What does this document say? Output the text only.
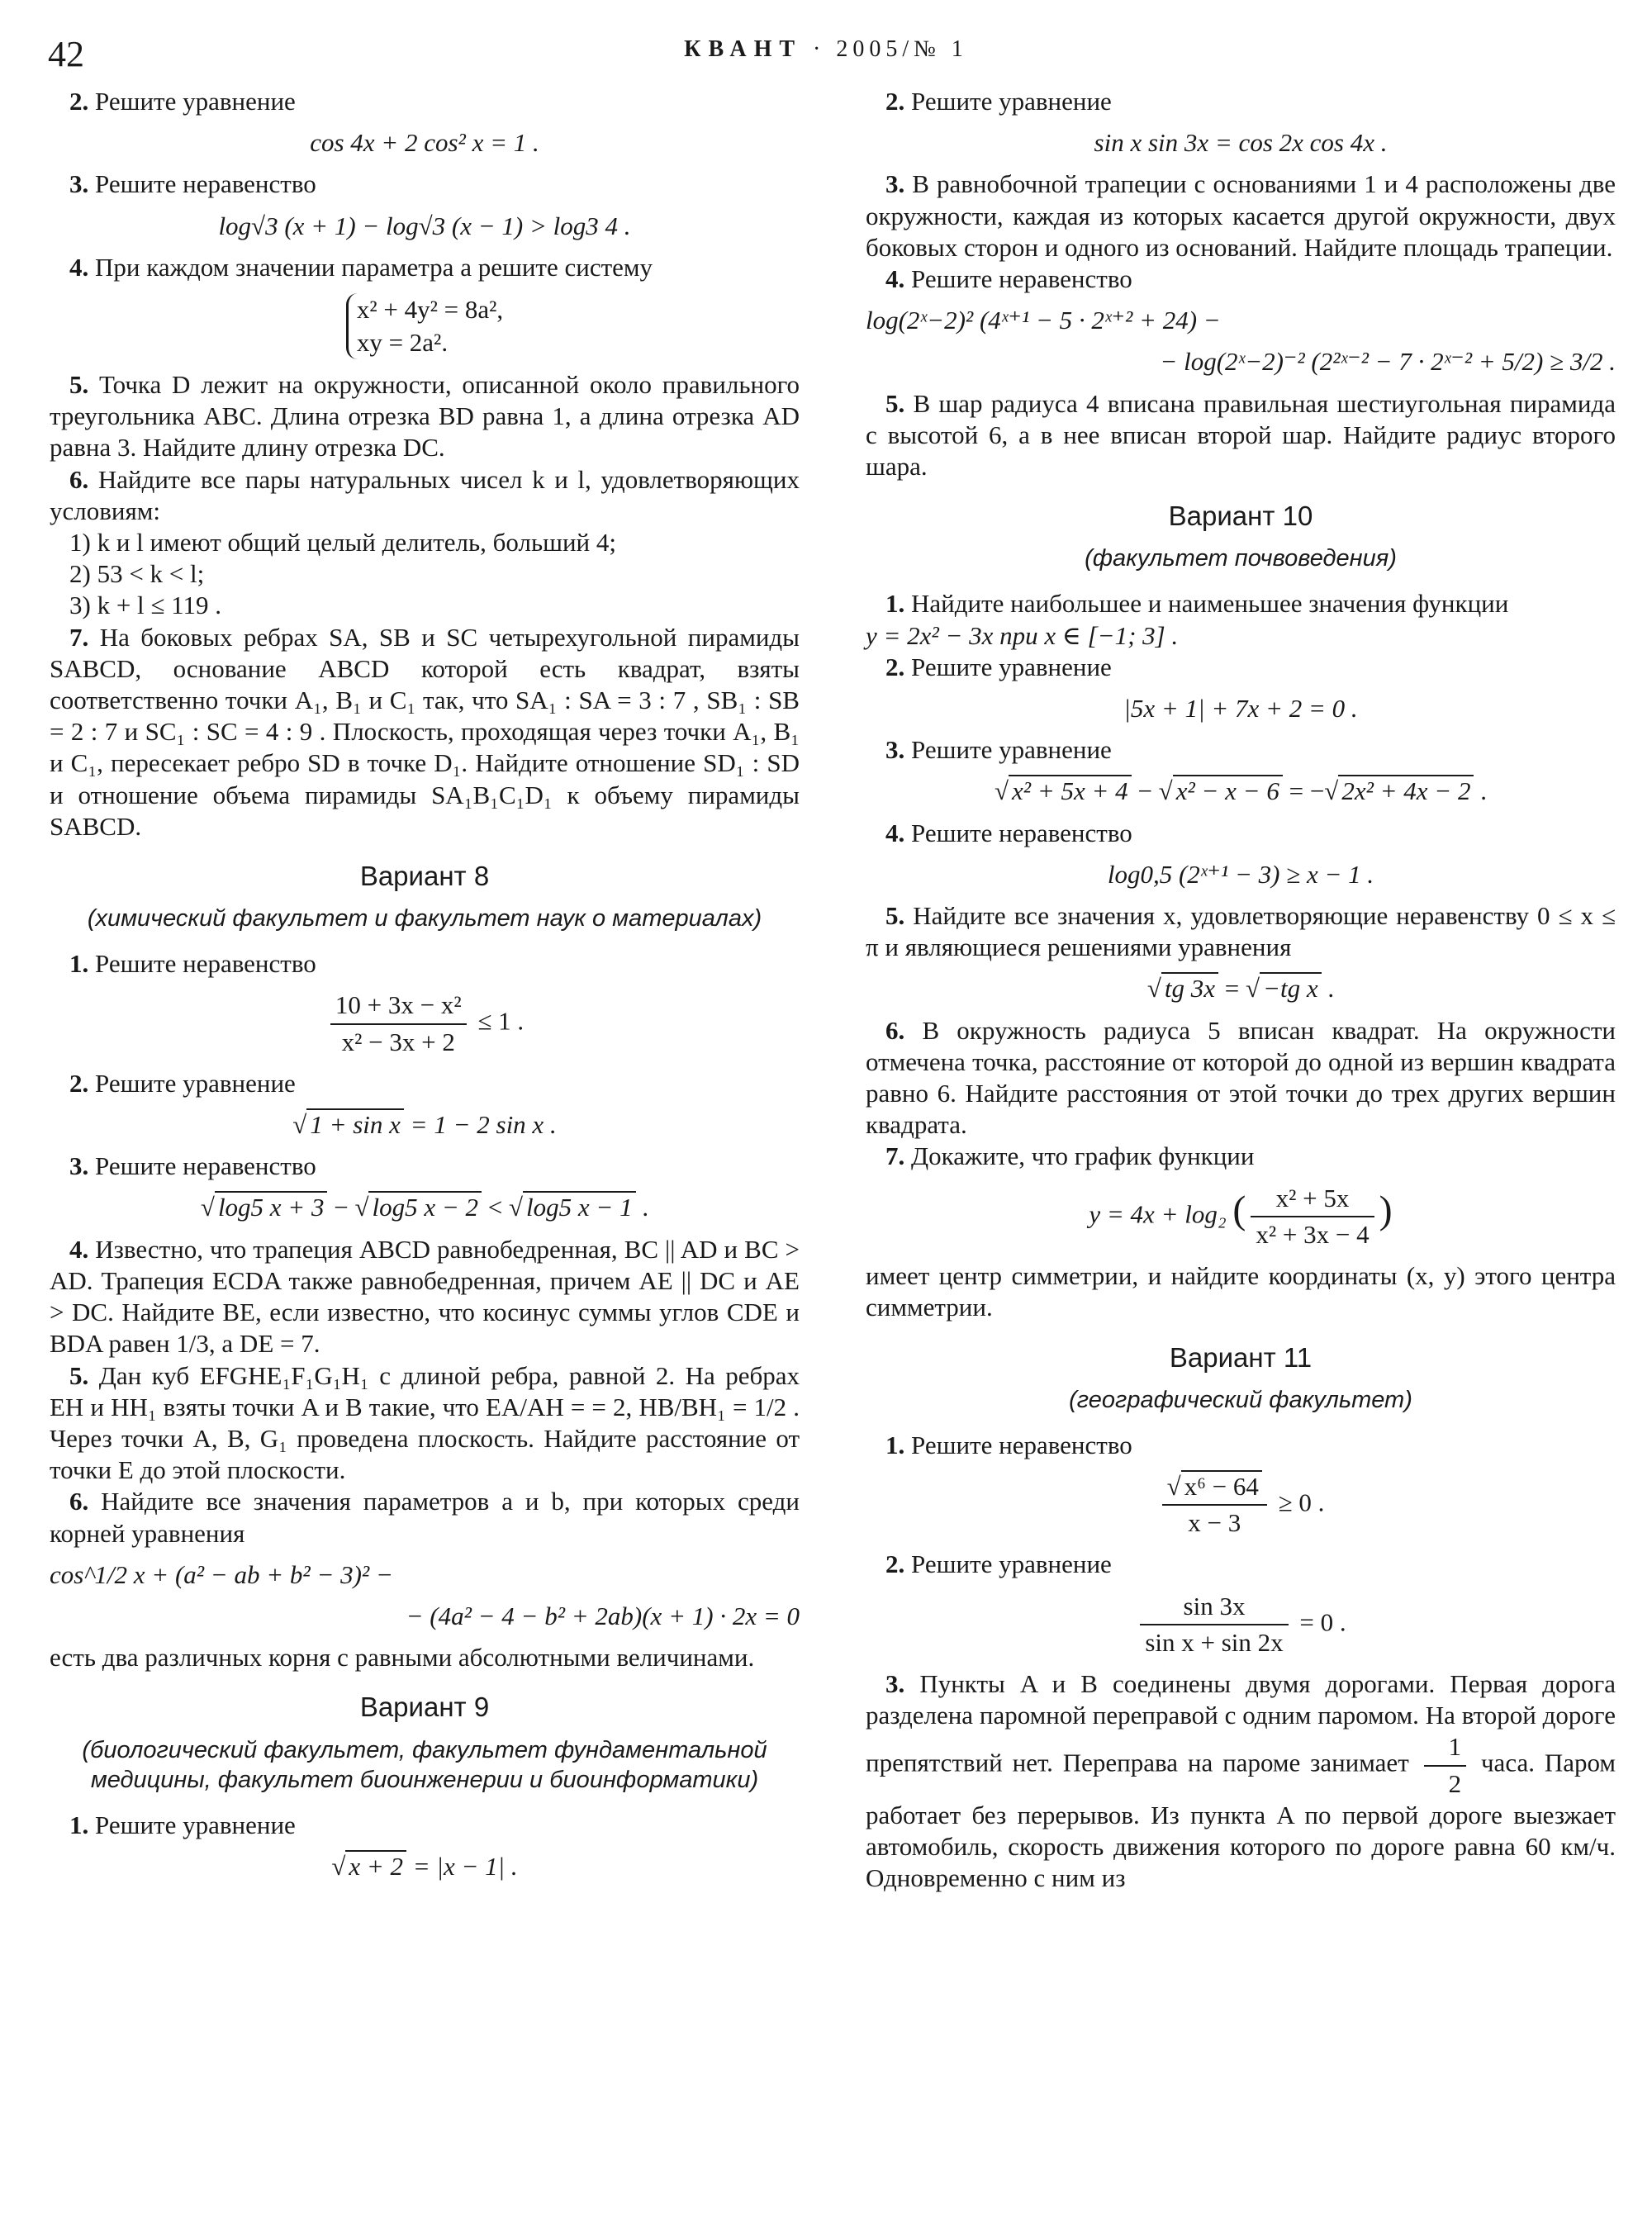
42	КВАНТ · 2005/№ 1

2. Решите уравнение

cos 4x + 2 cos² x = 1 .

3. Решите неравенство

log√3 (x + 1) − log√3 (x − 1) > log3 4 .

4. При каждом значении параметра a решите систему

x² + 4y² = 8a²,
xy = 2a².

5. Точка D лежит на окружности, описанной около правильного треугольника ABC. Длина отрезка BD равна 1, а длина отрезка AD равна 3. Найдите длину отрезка DC.

6. Найдите все пары натуральных чисел k и l, удовлетворяющих условиям:

1) k и l имеют общий целый делитель, больший 4;

2) 53 < k < l;

3) k + l ≤ 119 .

7. На боковых ребрах SA, SB и SC четырехугольной пирамиды SABCD, основание ABCD которой есть квадрат, взяты соответственно точки A₁, B₁ и C₁ так, что SA₁ : SA = 3 : 7 , SB₁ : SB = 2 : 7 и SC₁ : SC = 4 : 9 . Плоскость, проходящая через точки A₁, B₁ и C₁, пересекает ребро SD в точке D₁. Найдите отношение SD₁ : SD и отношение объема пирамиды SA₁B₁C₁D₁ к объему пирамиды SABCD.

Вариант 8
(химический факультет и факультет наук о материалах)

1. Решите неравенство

$\frac{\text{10 + 3x − x²}}{\text{x² − 3x + 2}} \le 1$ .

2. Решите уравнение

√ 1 + sin x = 1 − 2 sin x .

3. Решите неравенство

√ log5 x + 3 − √ log5 x − 2 < √ log5 x − 1 .

4. Известно, что трапеция ABCD равнобедренная, BC || AD и BC > AD. Трапеция ECDA также равнобедренная, причем AE || DC и AE > DC. Найдите BE, если известно, что косинус суммы углов CDE и BDA равен 1/3, а DE = 7.

5. Дан куб EFGHE₁F₁G₁H₁ с длиной ребра, равной 2. На ребрах EH и HH₁ взяты точки A и B такие, что EA/AH = = 2, HB/BH₁ = 1/2 . Через точки A, B, G₁ проведена плоскость. Найдите расстояние от точки E до этой плоскости.

6. Найдите все значения параметров a и b, при которых среди корней уравнения

cos^1/2 x + (a² − ab + b² − 3)² −
− (4a² − 4 − b² + 2ab)(x + 1) · 2x = 0

есть два различных корня с равными абсолютными величинами.

Вариант 9
(биологический факультет, факультет фундаментальной медицины, факультет биоинженерии и биоинформатики)

1. Решите уравнение

√ x + 2 = |x − 1| .

2. Решите уравнение

sin x sin 3x = cos 2x cos 4x .

3. В равнобочной трапеции с основаниями 1 и 4 расположены две окружности, каждая из которых касается другой окружности, двух боковых сторон и одного из оснований. Найдите площадь трапеции.

4. Решите неравенство

log(2ˣ−2)² (4ˣ⁺¹ − 5 · 2ˣ⁺² + 24) −
− log(2ˣ−2)⁻² (2²ˣ⁻² − 7 · 2ˣ⁻² + 5/2) ≥ 3/2 .

5. В шар радиуса 4 вписана правильная шестиугольная пирамида с высотой 6, а в нее вписан второй шар. Найдите радиус второго шара.

Вариант 10
(факультет почвоведения)

1. Найдите наибольшее и наименьшее значения функции

y = 2x² − 3x при x ∈ [−1; 3] .

2. Решите уравнение

|5x + 1| + 7x + 2 = 0 .

3. Решите уравнение

√ x² + 5x + 4 − √ x² − x − 6 = −√ 2x² + 4x − 2 .

4. Решите неравенство

log0,5 (2ˣ⁺¹ − 3) ≥ x − 1 .

5. Найдите все значения x, удовлетворяющие неравенству 0 ≤ x ≤ π и являющиеся решениями уравнения

√ tg 3x = √ −tg x .

6. В окружность радиуса 5 вписан квадрат. На окружности отмечена точка, расстояние от которой до одной из вершин квадрата равно 6. Найдите расстояния от этой точки до трех других вершин квадрата.

7. Докажите, что график функции

y = 4x + log₂ ( $\frac{\text{x² + 5x}}{\text{x² + 3x − 4}}$ )

имеет центр симметрии, и найдите координаты (x, y) этого центра симметрии.

Вариант 11
(географический факультет)

1. Решите неравенство

$\frac{\text{√ x⁶ − 64}}{x - 3} \ge 0$ .

2. Решите уравнение

$\frac{\sin 3x}{\text{sin x + sin 2x}} = 0$ .

3. Пункты A и B соединены двумя дорогами. Первая дорога разделена паромной переправой с одним паромом. На второй дороге препятствий нет. Переправа на пароме занимает $\frac{1}{2}$ часа. Паром работает без перерывов. Из пункта A по первой дороге выезжает автомобиль, скорость движения которого по дороге равна 60 км/ч. Одновременно с ним из
